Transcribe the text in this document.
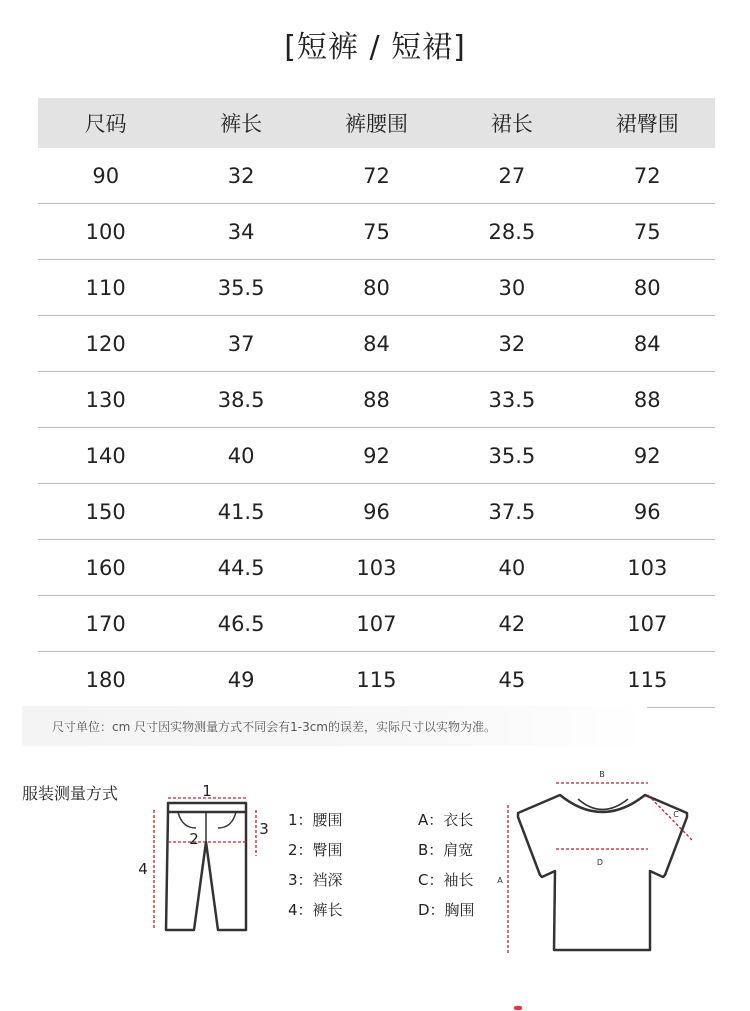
[短裤 / 短裙]
尺码	裤长	裤腰围	裙长	裙臀围
90	32	72	27	72
100	34	75	28.5	75
110	35.5	80	30	80
120	37	84	32	84
130	38.5	88	33.5	88
140	40	92	35.5	92
150	41.5	96	37.5	96
160	44.5	103	40	103
170	46.5	107	42	107
180	49	115	45	115
尺寸单位：cm 尺寸因实物测量方式不同会有1-3cm的误差，实际尺寸以实物为准。
服装测量方式	1
2
3
4
1：腰围
2：臀围
3：裆深
4：裤长
A：衣长
B：肩宽
C：袖长
D：胸围
B
C
D
A
